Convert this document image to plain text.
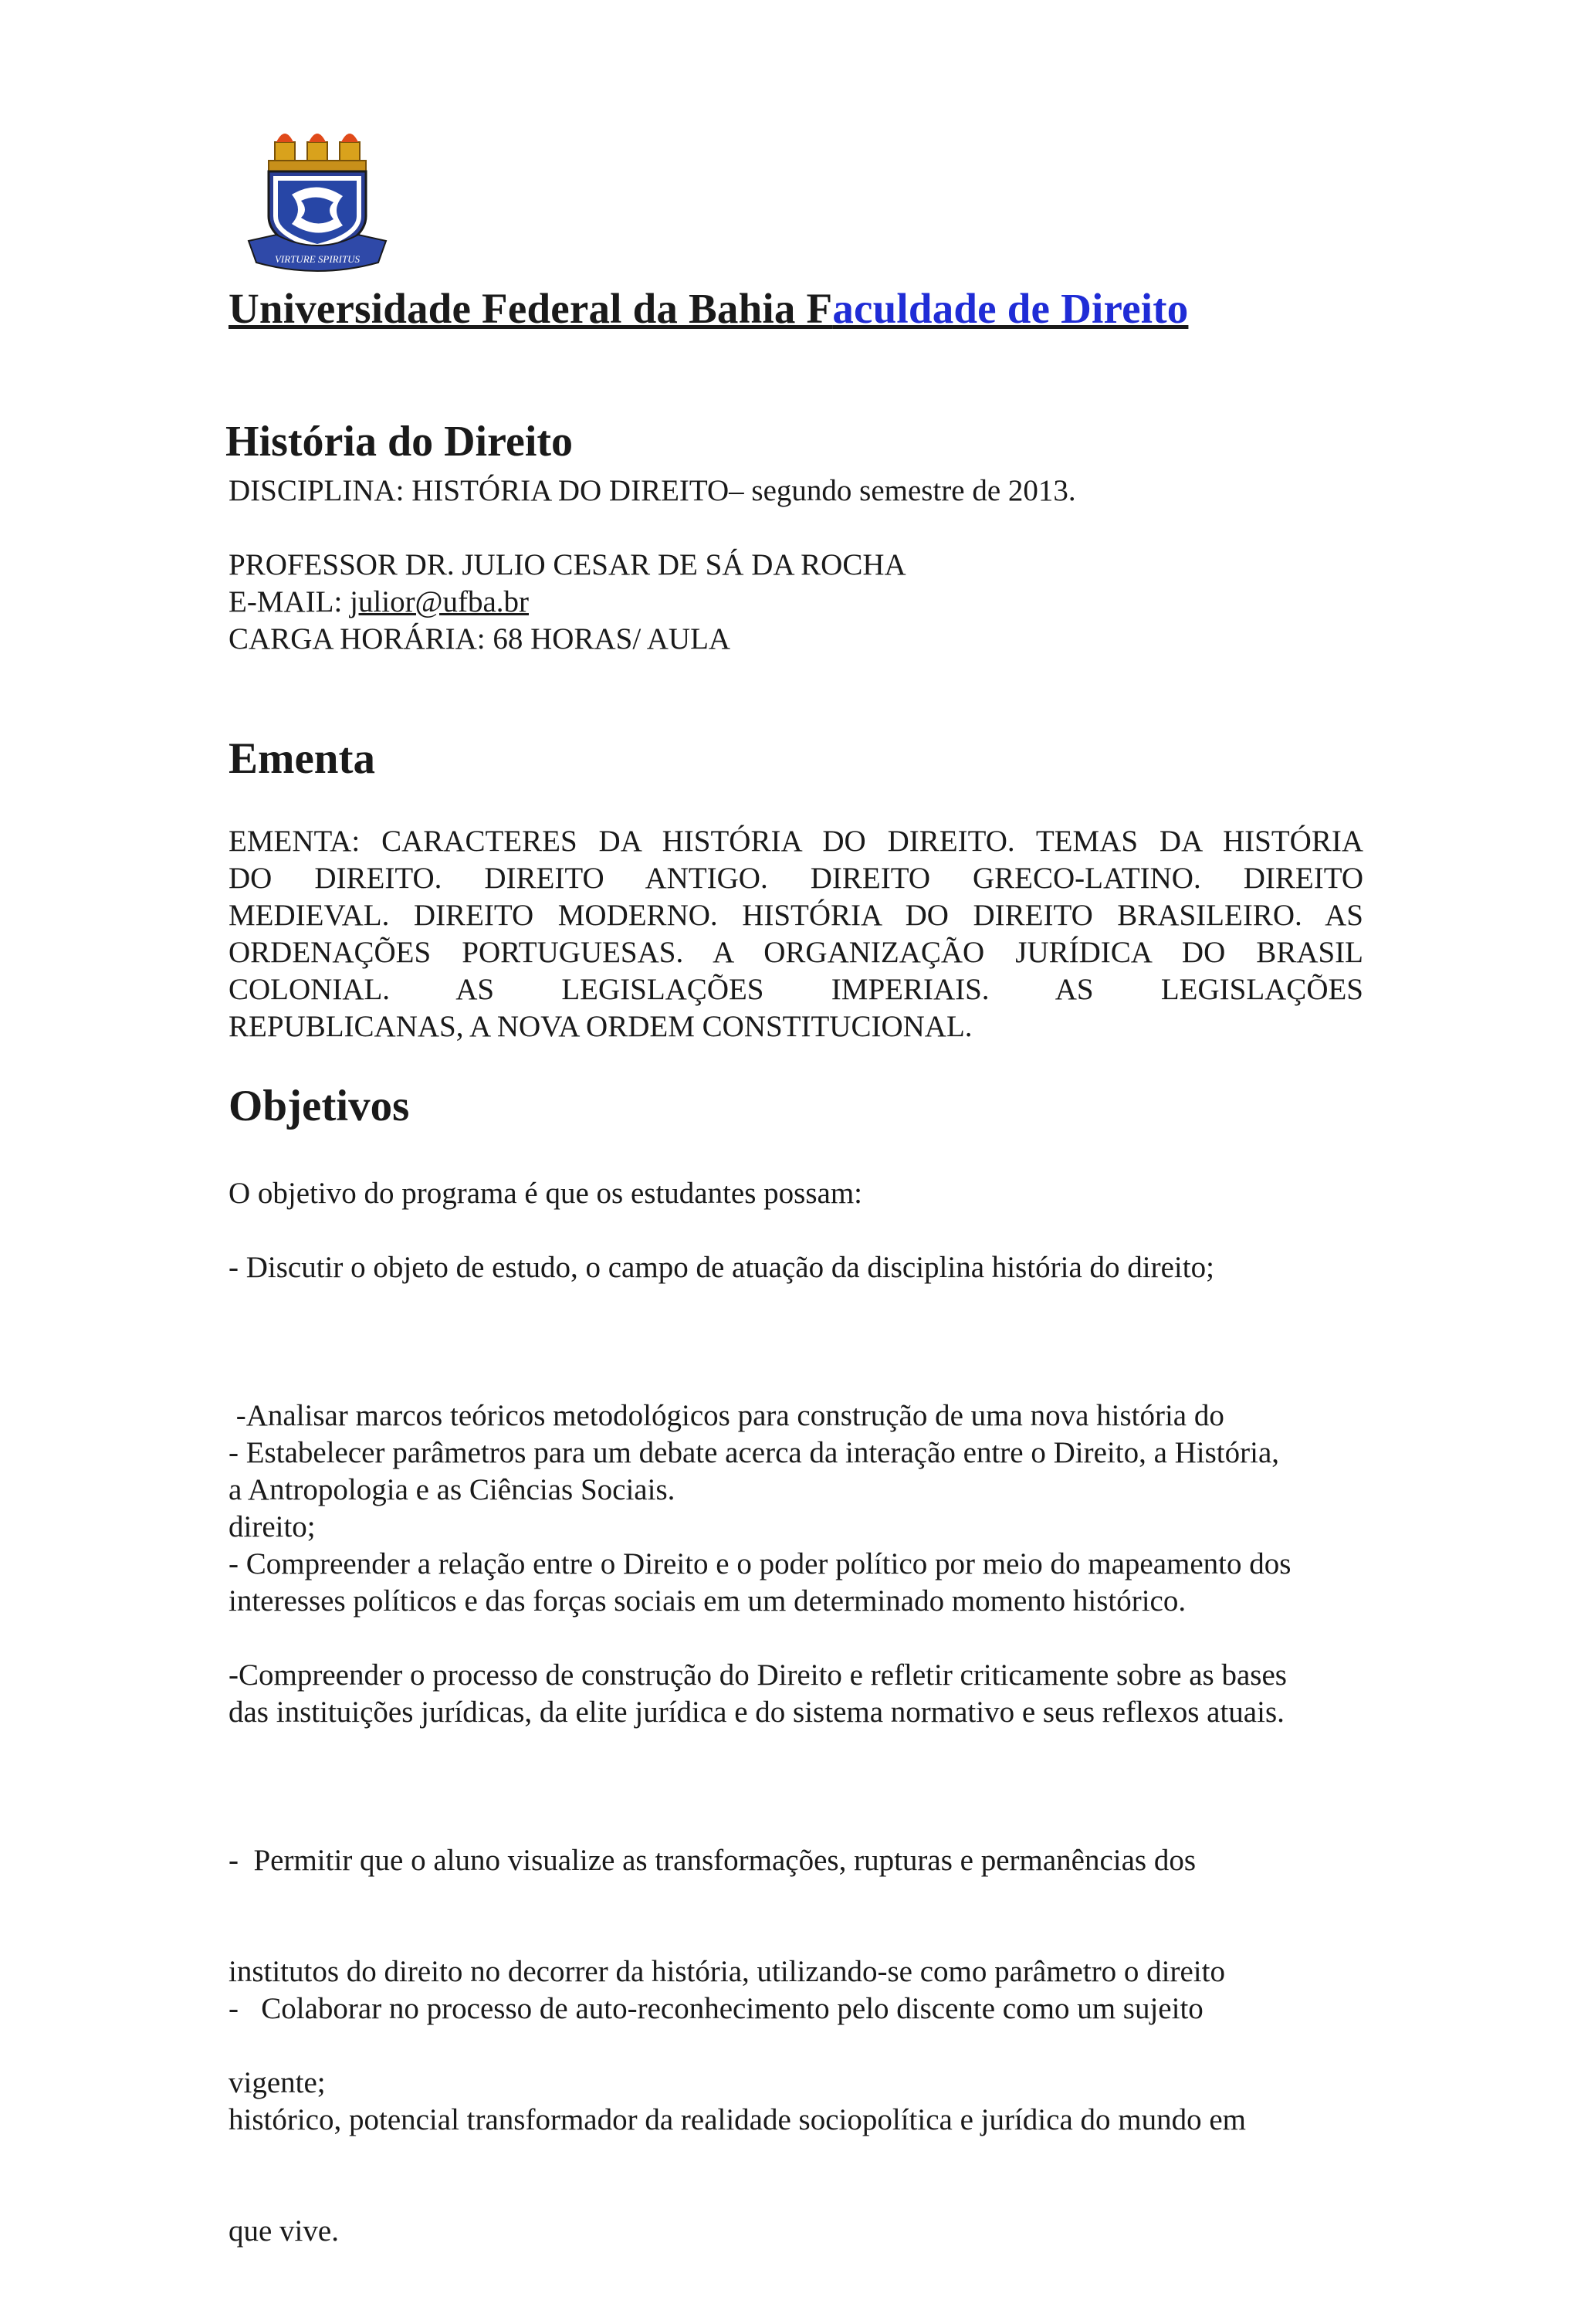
VIRTURE SPIRITUS
Universidade Federal da Bahia Faculdade de Direito
História do Direito
DISCIPLINA: HISTÓRIA DO DIREITO– segundo semestre de 2013.
PROFESSOR DR. JULIO CESAR DE SÁ DA ROCHA
E-MAIL: julior@ufba.br
CARGA HORÁRIA: 68 HORAS/ AULA
Ementa
EMENTA: CARACTERES DA HISTÓRIA DO DIREITO. TEMAS DA HISTÓRIA
DO DIREITO. DIREITO ANTIGO. DIREITO GRECO-LATINO. DIREITO
MEDIEVAL. DIREITO MODERNO. HISTÓRIA DO DIREITO BRASILEIRO. AS
ORDENAÇÕES PORTUGUESAS. A ORGANIZAÇÃO JURÍDICA DO BRASIL
COLONIAL. AS LEGISLAÇÕES IMPERIAIS. AS LEGISLAÇÕES
REPUBLICANAS, A NOVA ORDEM CONSTITUCIONAL.
Objetivos
O objetivo do programa é que os estudantes possam:
- Discutir o objeto de estudo, o campo de atuação da disciplina história do direito;

-Analisar marcos teóricos metodológicos para construção de uma nova história do

direito;

- Estabelecer parâmetros para um debate acerca da interação entre o Direito, a História,
a Antropologia e as Ciências Sociais.
- Compreender a relação entre o Direito e o poder político por meio do mapeamento dos
interesses políticos e das forças sociais em um determinado momento histórico.
-Compreender o processo de construção do Direito e refletir criticamente sobre as bases
das instituições jurídicas, da elite jurídica e do sistema normativo e seus reflexos atuais.

-  Permitir que o aluno visualize as transformações, rupturas e permanências dos

institutos do direito no decorrer da história, utilizando-se como parâmetro o direito

vigente;

-   Colaborar no processo de auto-reconhecimento pelo discente como um sujeito

histórico, potencial transformador da realidade sociopolítica e jurídica do mundo em

que vive.
